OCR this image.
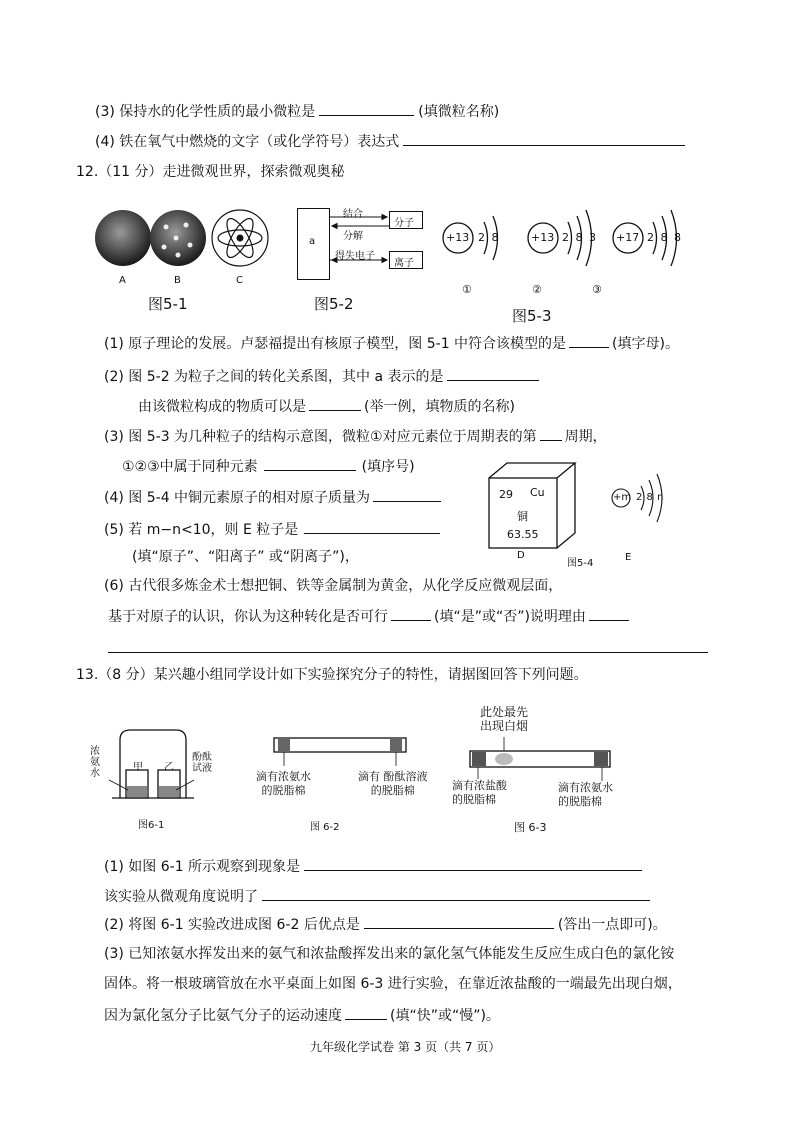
(3) 保持水的化学性质的最小微粒是	(填微粒名称)
(4) 铁在氧气中燃烧的文字（或化学符号）表达式
12.（11 分）走进微观世界，探索微观奥秘
A	B	C
图5-1
a
分子
离子
结合
分解
得失电子
图5-2
+13 2 8	+13 2 8 3 +17 2 8 8
①	②	③
图5-3
(1) 原子理论的发展。卢瑟福提出有核原子模型，图 5-1 中符合该模型的是	(填字母)。
(2) 图 5-2 为粒子之间的转化关系图，其中 a 表示的是
由该微粒构成的物质可以是	(举一例，填物质的名称)
(3) 图 5-3 为几种粒子的结构示意图，微粒①对应元素位于周期表的第 周期，
①②③中属于同种元素	(填序号)
(4) 图 5-4 中铜元素原子的相对原子质量为
(5) 若 m−n<10，则 E 粒子是
(填“原子”、“阳离子” 或“阴离子”)，
29 Cu
铜
63.55
D
图5-4
+m 2 8 n
E
(6) 古代很多炼金术士想把铜、铁等金属制为黄金，从化学反应微观层面，
基于对原子的认识，你认为这种转化是否可行	(填“是”或“否”)说明理由
13.（8 分）某兴趣小组同学设计如下实验探究分子的特性，请据图回答下列问题。
浓
氨
水
甲 乙
酚酞
试液
图6-1
滴有浓氨水
的脱脂棉
滴有 酚酞溶液
的脱脂棉
图 6-2
此处最先
出现白烟
滴有浓盐酸
的脱脂棉
滴有浓氨水
的脱脂棉
图 6-3
(1) 如图 6-1 所示观察到现象是
该实验从微观角度说明了
(2) 将图 6-1 实验改进成图 6-2 后优点是	(答出一点即可)。
(3) 已知浓氨水挥发出来的氨气和浓盐酸挥发出来的氯化氢气体能发生反应生成白色的氯化铵
固体。将一根玻璃管放在水平桌面上如图 6-3 进行实验，在靠近浓盐酸的一端最先出现白烟，
因为氯化氢分子比氨气分子的运动速度	(填“快”或“慢”)。
九年级化学试卷 第 3 页（共 7 页）
